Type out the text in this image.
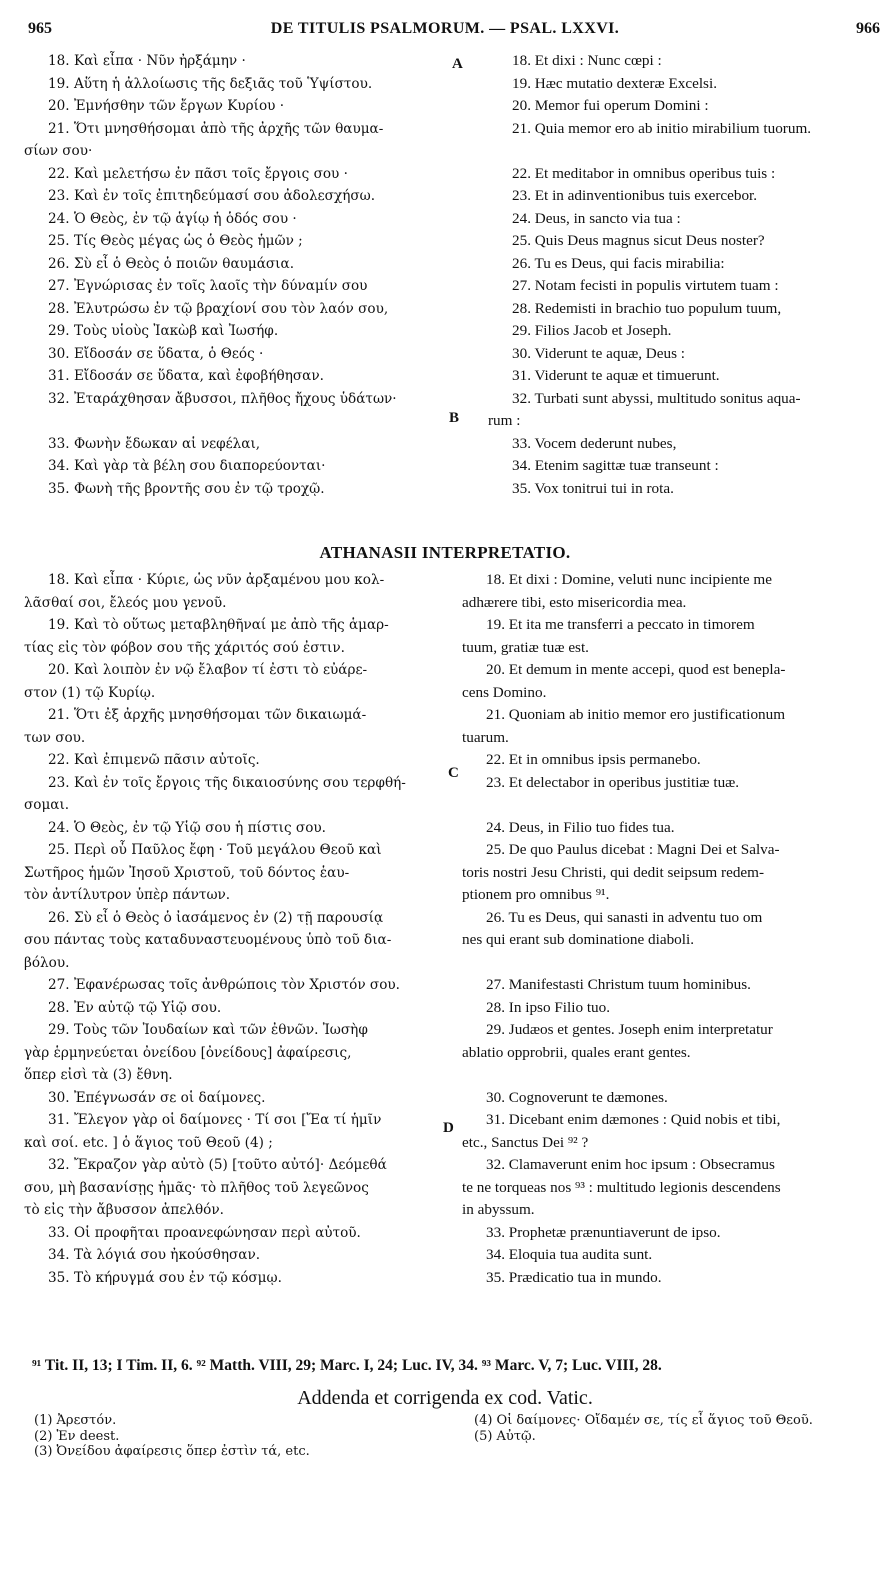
965	DE TITULIS PSALMORUM. — PSAL. LXXVI.	966
18. Καὶ εἶπα · Νῦν ἠρξάμην ·
19. Αὕτη ἡ ἀλλοίωσις τῆς δεξιᾶς τοῦ Ὑψίστου.
20. Ἐμνήσθην τῶν ἔργων Κυρίου ·
21. Ὅτι μνησθήσομαι ἀπὸ τῆς ἀρχῆς τῶν θαυμα-
σίων σου·
22. Καὶ μελετήσω ἐν πᾶσι τοῖς ἔργοις σου ·
23. Καὶ ἐν τοῖς ἐπιτηδεύμασί σου ἀδολεσχήσω.
24. Ὁ Θεὸς, ἐν τῷ ἁγίῳ ἡ ὁδός σου ·
25. Τίς Θεὸς μέγας ὡς ὁ Θεὸς ἡμῶν ;
26. Σὺ εἶ ὁ Θεὸς ὁ ποιῶν θαυμάσια.
27. Ἐγνώρισας ἐν τοῖς λαοῖς τὴν δύναμίν σου
28. Ἐλυτρώσω ἐν τῷ βραχίονί σου τὸν λαόν σου,
29. Τοὺς υἱοὺς Ἰακὼβ καὶ Ἰωσήφ.
30. Εἴδοσάν σε ὕδατα, ὁ Θεός ·
31. Εἴδοσάν σε ὕδατα, καὶ ἐφοβήθησαν.
32. Ἐταράχθησαν ἄβυσσοι, πλῆθος ἤχους ὑδάτων·
33. Φωνὴν ἔδωκαν αἱ νεφέλαι,
34. Καὶ γὰρ τὰ βέλη σου διαπορεύονται·
35. Φωνὴ τῆς βροντῆς σου ἐν τῷ τροχῷ.
18. Et dixi : Nunc cœpi :
19. Hæc mutatio dexteræ Excelsi.
20. Memor fui operum Domini :
21. Quia memor ero ab initio mirabilium tuorum.
22. Et meditabor in omnibus operibus tuis :
23. Et in adinventionibus tuis exercebor.
24. Deus, in sancto via tua :
25. Quis Deus magnus sicut Deus noster?
26. Tu es Deus, qui facis mirabilia:
27. Notam fecisti in populis virtutem tuam :
28. Redemisti in brachio tuo populum tuum,
29. Filios Jacob et Joseph.
30. Viderunt te aquæ, Deus :
31. Viderunt te aquæ et timuerunt.
32. Turbati sunt abyssi, multitudo sonitus aqua-
rum :
33. Vocem dederunt nubes,
34. Etenim sagittæ tuæ transeunt :
35. Vox tonitrui tui in rota.
A
B
C
D
ATHANASII INTERPRETATIO.
18. Καὶ εἶπα · Κύριε, ὡς νῦν ἀρξαμένου μου κολ-
λᾶσθαί σοι, ἔλεός μου γενοῦ.
19. Καὶ τὸ οὕτως μεταβληθῆναί με ἀπὸ τῆς ἁμαρ-
τίας εἰς τὸν φόβον σου τῆς χάριτός σού ἐστιν.
20. Καὶ λοιπὸν ἐν νῷ ἔλαβον τί ἐστι τὸ εὐάρε-
στον (1) τῷ Κυρίῳ.
21. Ὅτι ἐξ ἀρχῆς μνησθήσομαι τῶν δικαιωμά-
των σου.
22. Καὶ ἐπιμενῶ πᾶσιν αὐτοῖς.
23. Καὶ ἐν τοῖς ἔργοις τῆς δικαιοσύνης σου τερφθή-
σομαι.
24. Ὁ Θεὸς, ἐν τῷ Υἱῷ σου ἡ πίστις σου.
25. Περὶ οὗ Παῦλος ἔφη · Τοῦ μεγάλου Θεοῦ καὶ
Σωτῆρος ἡμῶν Ἰησοῦ Χριστοῦ, τοῦ δόντος ἑαυ-
τὸν ἀντίλυτρον ὑπὲρ πάντων.
26. Σὺ εἶ ὁ Θεὸς ὁ ἰασάμενος ἐν (2) τῇ παρουσίᾳ
σου πάντας τοὺς καταδυναστευομένους ὑπὸ τοῦ δια-
βόλου.
27. Ἐφανέρωσας τοῖς ἀνθρώποις τὸν Χριστόν σου.
28. Ἐν αὐτῷ τῷ Υἱῷ σου.
29. Τοὺς τῶν Ἰουδαίων καὶ τῶν ἐθνῶν. Ἰωσὴφ
γὰρ ἑρμηνεύεται ὀνείδου [ὀνείδους] ἀφαίρεσις,
ὅπερ εἰσὶ τὰ (3) ἔθνη.
30. Ἐπέγνωσάν σε οἱ δαίμονες.
31. Ἔλεγον γὰρ οἱ δαίμονες · Τί σοι [Ἔα τί ἡμῖν
καὶ σοί. etc. ] ὁ ἅγιος τοῦ Θεοῦ (4) ;
32. Ἔκραζον γὰρ αὐτὸ (5) [τοῦτο αὐτό]· Δεόμεθά
σου, μὴ βασανίσῃς ἡμᾶς· τὸ πλῆθος τοῦ λεγεῶνος
τὸ εἰς τὴν ἄβυσσον ἀπελθόν.
33. Οἱ προφῆται προανεφώνησαν περὶ αὐτοῦ.
34. Τὰ λόγιά σου ἠκούσθησαν.
35. Τὸ κήρυγμά σου ἐν τῷ κόσμῳ.
18. Et dixi : Domine, veluti nunc incipiente me
adhærere tibi, esto misericordia mea.
19. Et ita me transferri a peccato in timorem
tuum, gratiæ tuæ est.
20. Et demum in mente accepi, quod est benepla-
cens Domino.
21. Quoniam ab initio memor ero justificationum
tuarum.
22. Et in omnibus ipsis permanebo.
23. Et delectabor in operibus justitiæ tuæ.
24. Deus, in Filio tuo fides tua.
25. De quo Paulus dicebat : Magni Dei et Salva-
toris nostri Jesu Christi, qui dedit seipsum redem-
ptionem pro omnibus ⁹¹.
26. Tu es Deus, qui sanasti in adventu tuo om
nes qui erant sub dominatione diaboli.
27. Manifestasti Christum tuum hominibus.
28. In ipso Filio tuo.
29. Judæos et gentes. Joseph enim interpretatur
ablatio opprobrii, quales erant gentes.
30. Cognoverunt te dæmones.
31. Dicebant enim dæmones : Quid nobis et tibi,
etc., Sanctus Dei ⁹² ?
32. Clamaverunt enim hoc ipsum : Obsecramus
te ne torqueas nos ⁹³ : multitudo legionis descendens
in abyssum.
33. Prophetæ prænuntiaverunt de ipso.
34. Eloquia tua audita sunt.
35. Prædicatio tua in mundo.
⁹¹ Tit. II, 13; I Tim. II, 6. ⁹² Matth. VIII, 29; Marc. I, 24; Luc. IV, 34. ⁹³ Marc. V, 7; Luc. VIII, 28.
Addenda et corrigenda ex cod. Vatic.
(1) Ἀρεστόν.
(2) Ἐν deest.
(3) Ὀνείδου ἀφαίρεσις ὅπερ ἐστὶν τά, etc.
(4) Οἱ δαίμονες· Οἴδαμέν σε, τίς εἶ ἅγιος τοῦ Θεοῦ.
(5) Αὐτῷ.
